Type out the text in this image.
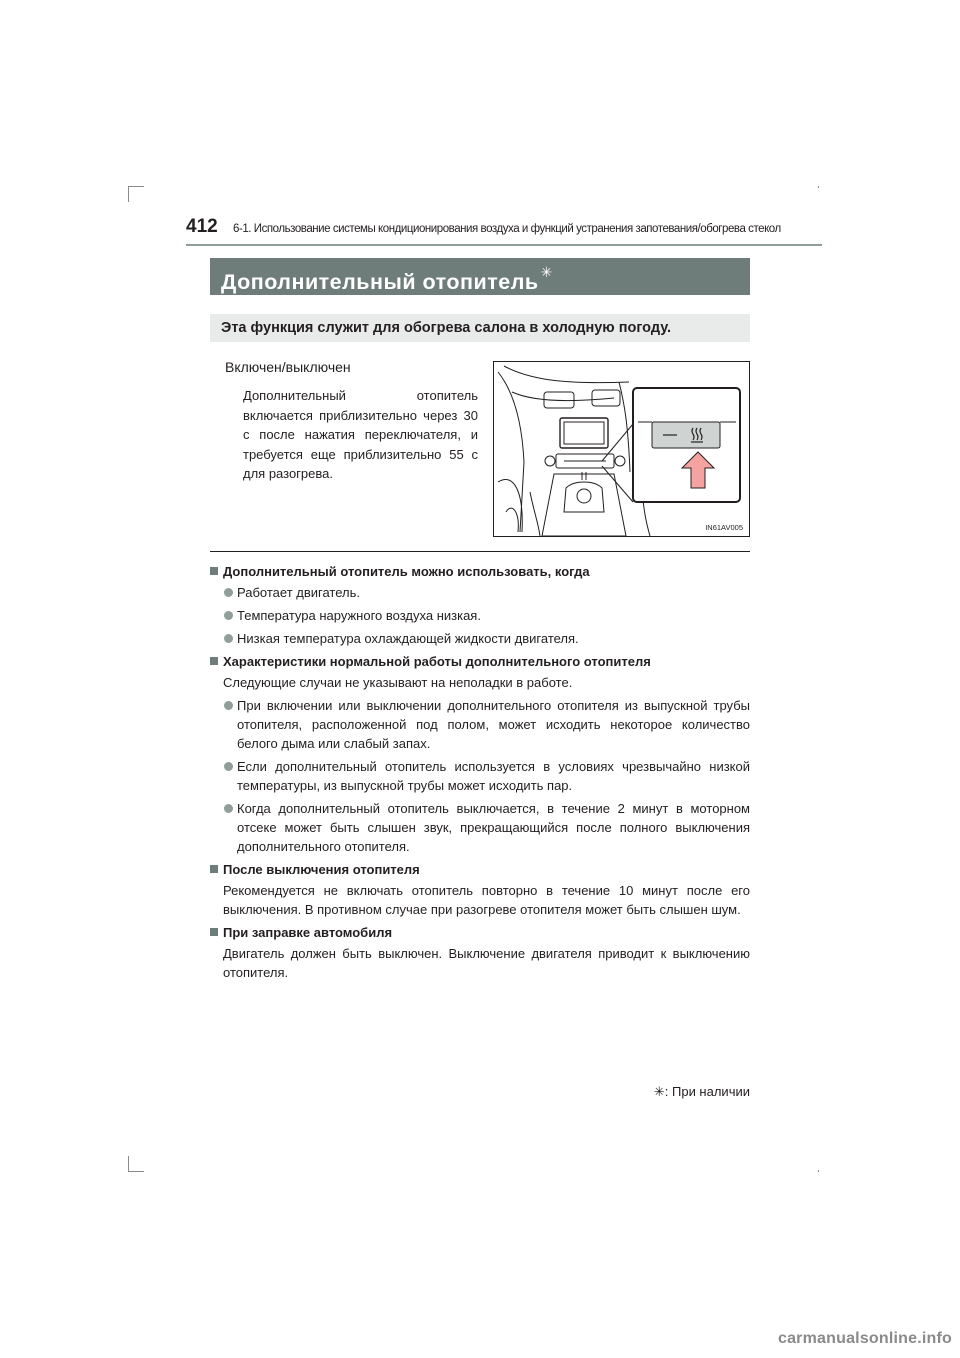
412 6-1. Использование системы кондиционирования воздуха и функций устранения запотевания/обогрева стекол
Дополнительный отопитель ✳
Эта функция служит для обогрева салона в холодную погоду.
Включен/выключен
Дополнительный отопитель включается приблизительно через 30 с после нажатия переключателя, и требуется еще приблизительно 55 с для разогрева.
IN61AV005
Дополнительный отопитель можно использовать, когда
Работает двигатель.
Температура наружного воздуха низкая.
Низкая температура охлаждающей жидкости двигателя.
Характеристики нормальной работы дополнительного отопителя
Следующие случаи не указывают на неполадки в работе.
При включении или выключении дополнительного отопителя из выпускной трубы отопителя, расположенной под полом, может исходить некоторое количество белого дыма или слабый запах.
Если дополнительный отопитель используется в условиях чрезвычайно низкой температуры, из выпускной трубы может исходить пар.
Когда дополнительный отопитель выключается, в течение 2 минут в моторном отсеке может быть слышен звук, прекращающийся после полного выключения дополнительного отопителя.
После выключения отопителя
Рекомендуется не включать отопитель повторно в течение 10 минут после его выключения. В противном случае при разогреве отопителя может быть слышен шум.
При заправке автомобиля
Двигатель должен быть выключен. Выключение двигателя приводит к выключению отопителя.
✳: При наличии
carmanualsonline.info
